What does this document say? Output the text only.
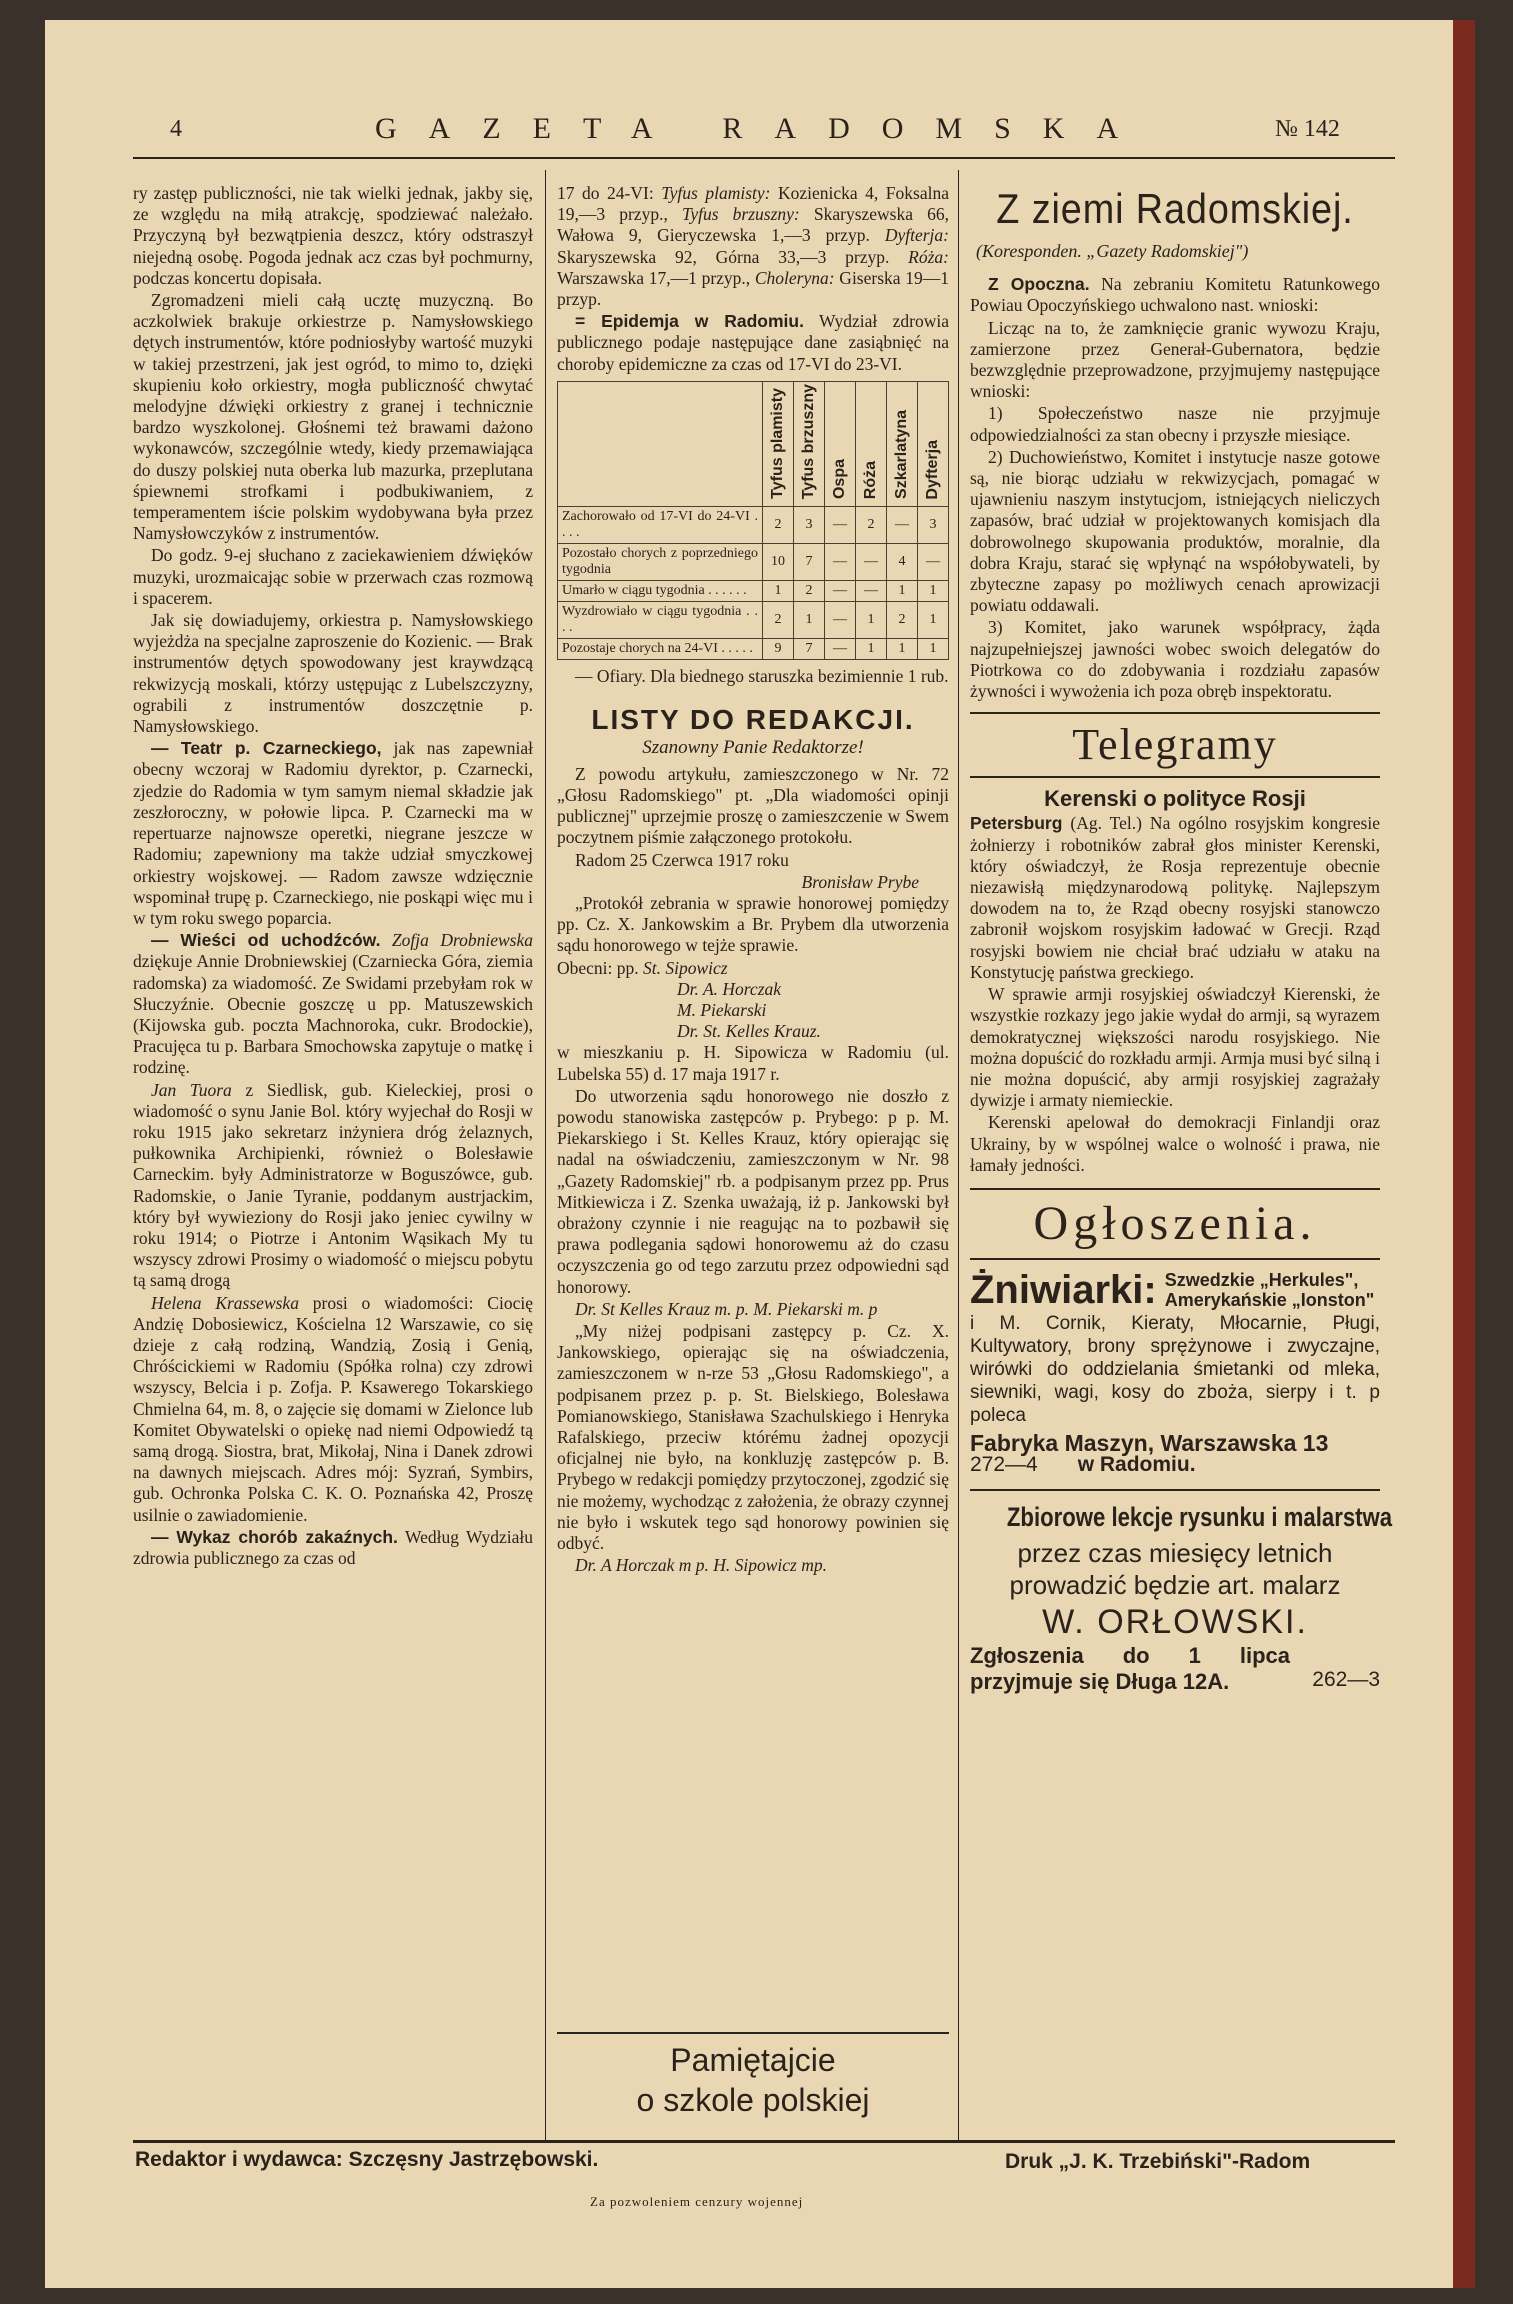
4	GAZETA RADOMSKA	№ 142

ry zastęp publiczności, nie tak wielki jednak, jakby się, ze względu na miłą atrakcję, spodziewać należało. Przyczyną był bezwątpienia deszcz, który odstraszył niejedną osobę. Pogoda jednak acz czas był pochmurny, podczas koncertu dopisała.

Zgromadzeni mieli całą ucztę muzyczną. Bo aczkolwiek brakuje orkiestrze p. Namysłowskiego dętych instrumentów, które podniosłyby wartość muzyki w takiej przestrzeni, jak jest ogród, to mimo to, dzięki skupieniu koło orkiestry, mogła publiczność chwytać melodyjne dźwięki orkiestry z granej i technicznie bardzo wyszkolonej. Głośnemi też brawami dażono wykonawców, szczególnie wtedy, kiedy przemawiająca do duszy polskiej nuta oberka lub mazurka, przeplutana śpiewnemi strofkami i podbukiwaniem, z temperamentem iście polskim wydobywana była przez Namysłowczyków z instrumentów.

Do godz. 9-ej słuchano z zaciekawieniem dźwięków muzyki, urozmaicając sobie w przerwach czas rozmową i spacerem.

Jak się dowiadujemy, orkiestra p. Namysłowskiego wyjeżdża na specjalne zaproszenie do Kozienic. — Brak instrumentów dętych spowodowany jest kraywdzącą rekwizycją moskali, którzy ustępując z Lubelszczyzny, ograbili z instrumentów doszczętnie p. Namysłowskiego.

— Teatr p. Czarneckiego, jak nas zapewniał obecny wczoraj w Radomiu dyrektor, p. Czarnecki, zjedzie do Radomia w tym samym niemal składzie jak zeszłoroczny, w połowie lipca. P. Czarnecki ma w repertuarze najnowsze operetki, niegrane jeszcze w Radomiu; zapewniony ma także udział smyczkowej orkiestry wojskowej. — Radom zawsze wdzięcznie wspominał trupę p. Czarneckiego, nie poskąpi więc mu i w tym roku swego poparcia.

— Wieści od uchodźców. Zofja Drobniewska dziękuje Annie Drobniewskiej (Czarniecka Góra, ziemia radomska) za wiadomość. Ze Swidami przebyłam rok w Słuczyźnie. Obecnie goszczę u pp. Matuszewskich (Kijowska gub. poczta Machnoroka, cukr. Brodockie), Pracujęca tu p. Barbara Smochowska zapytuje o matkę i rodzinę.

Jan Tuora z Siedlisk, gub. Kieleckiej, prosi o wiadomość o synu Janie Bol. który wyjechał do Rosji w roku 1915 jako sekretarz inżyniera dróg żelaznych, pułkownika Archipienki, również o Bolesławie Carneckim. były Administratorze w Boguszówce, gub. Radomskie, o Janie Tyranie, poddanym austrjackim, który był wywieziony do Rosji jako jeniec cywilny w roku 1914; o Piotrze i Antonim Wąsikach My tu wszyscy zdrowi Prosimy o wiadomość o miejscu pobytu tą samą drogą

Helena Krassewska prosi o wiadomości: Ciocię Andzię Dobosiewicz, Kościelna 12 Warszawie, co się dzieje z całą rodziną, Wandzią, Zosią i Genią, Chróścickiemi w Radomiu (Spółka rolna) czy zdrowi wszyscy, Belcia i p. Zofja. P. Ksawerego Tokarskiego Chmielna 64, m. 8, o zajęcie się domami w Zielonce lub Komitet Obywatelski o opiekę nad niemi Odpowiedź tą samą drogą. Siostra, brat, Mikołaj, Nina i Danek zdrowi na dawnych miejscach. Adres mój: Syzrań, Symbirs, gub. Ochronka Polska C. K. O. Poznańska 42, Proszę usilnie o zawiadomienie.

— Wykaz chorób zakaźnych. Według Wydziału zdrowia publicznego za czas od

17 do 24-VI: Tyfus plamisty: Kozienicka 4, Foksalna 19,—3 przyp., Tyfus brzuszny: Skaryszewska 66, Wałowa 9, Gieryczewska 1,—3 przyp. Dyfterja: Skaryszewska 92, Górna 33,—3 przyp. Róża: Warszawska 17,—1 przyp., Choleryna: Giserska 19—1 przyp.

= Epidemja w Radomiu. Wydział zdrowia publicznego podaje następujące dane zasiąbnięć na choroby epidemiczne za czas od 17-VI do 23-VI.

	Tyfus plamisty	Tyfus brzuszny	Ospa	Róża	Szkarlatyna	Dyfterja
Zachorowało od 17-VI do 24-VI . . . .	2	3	—	2	—	3
Pozostało chorych z poprzedniego tygodnia	10	7	—	—	4	—
Umarło w ciągu tygodnia . . . . . .	1	2	—	—	1	1
Wyzdrowiało w ciągu tygodnia . . . .	2	1	—	1	2	1
Pozostaje chorych na 24-VI . . . . .	9	7	—	1	1	1

— Ofiary. Dla biednego staruszka bezimiennie 1 rub.

LISTY DO REDAKCJI.
Szanowny Panie Redaktorze!

Z powodu artykułu, zamieszczonego w Nr. 72 „Głosu Radomskiego" pt. „Dla wiadomości opinji publicznej" uprzejmie proszę o zamieszczenie w Swem poczytnem piśmie załączonego protokołu.

Radom 25 Czerwca 1917 roku

Bronisław Prybe

„Protokół zebrania w sprawie honorowej pomiędzy pp. Cz. X. Jankowskim a Br. Prybem dla utworzenia sądu honorowego w tejże sprawie.

Obecni: pp. St. Sipowicz
Dr. A. Horczak
M. Piekarski
Dr. St. Kelles Krauz.

w mieszkaniu p. H. Sipowicza w Radomiu (ul. Lubelska 55) d. 17 maja 1917 r.

Do utworzenia sądu honorowego nie doszło z powodu stanowiska zastępców p. Prybego: p p. M. Piekarskiego i St. Kelles Krauz, który opierając się nadal na oświadczeniu, zamieszczonym w Nr. 98 „Gazety Radomskiej" rb. a podpisanym przez pp. Prus Mitkiewicza i Z. Szenka uważają, iż p. Jankowski był obrażony czynnie i nie reagując na to pozbawił się prawa podlegania sądowi honorowemu aż do czasu oczyszczenia go od tego zarzutu przez odpowiedni sąd honorowy.

Dr. St Kelles Krauz m. p. M. Piekarski m. p

„My niżej podpisani zastępcy p. Cz. X. Jankowskiego, opierając się na oświadczenia, zamieszczonem w n-rze 53 „Głosu Radomskiego", a podpisanem przez p. p. St. Bielskiego, Bolesława Pomianowskiego, Stanisława Szachulskiego i Henryka Rafalskiego, przeciw którému żadnej opozycji oficjalnej nie było, na konkluzję zastępców p. B. Prybego w redakcji pomiędzy przytoczonej, zgodzić się nie możemy, wychodząc z założenia, że obrazy czynnej nie było i wskutek tego sąd honorowy powinien się odbyć.

Dr. A Horczak m p. H. Sipowicz mp.

Pamiętajcie
o szkole polskiej
Z ziemi Radomskiej.
(Koresponden. „Gazety Radomskiej")

Z Opoczna. Na zebraniu Komitetu Ratunkowego Powiau Opoczyńskiego uchwalono nast. wnioski:

Licząc na to, że zamknięcie granic wywozu Kraju, zamierzone przez Generał-Gubernatora, będzie bezwzględnie przeprowadzone, przyjmujemy następujące wnioski:

1) Społeczeństwo nasze nie przyjmuje odpowiedzialności za stan obecny i przyszłe miesiące.

2) Duchowieństwo, Komitet i instytucje nasze gotowe są, nie biorąc udziału w rekwizycjach, pomagać w ujawnieniu naszym instytucjom, istniejących nieliczych zapasów, brać udział w projektowanych komisjach dla dobrowolnego skupowania produktów, moralnie, dla dobra Kraju, starać się wpłynąć na współobywateli, by zbyteczne zapasy po możliwych cenach aprowizacji powiatu oddawali.

3) Komitet, jako warunek współpracy, żąda najzupełniejszej jawności wobec swoich delegatów do Piotrkowa co do zdobywania i rozdziału zapasów żywności i wywożenia ich poza obręb inspektoratu.

Telegramy
Kerenski o polityce Rosji

Petersburg (Ag. Tel.) Na ogólno rosyjskim kongresie żołnierzy i robotników zabrał głos minister Kerenski, który oświadczył, że Rosja reprezentuje obecnie niezawisłą międzynarodową politykę. Najlepszym dowodem na to, że Rząd obecny rosyjski stanowczo zabronił wojskom rosyjskim ładować w Grecji. Rząd rosyjski bowiem nie chciał brać udziału w ataku na Konstytucję państwa greckiego.

W sprawie armji rosyjskiej oświadczył Kierenski, że wszystkie rozkazy jego jakie wydał do armji, są wyrazem demokratycznej większości narodu rosyjskiego. Nie można dopuścić do rozkładu armji. Armja musi być silną i nie można dopuścić, aby armji rosyjskiej zagrażały dywizje i armaty niemieckie.

Kerenski apelował do demokracji Finlandji oraz Ukrainy, by w wspólnej walce o wolność i prawa, nie łamały jedności.

Ogłoszenia.
Żniwiarki: Szwedzkie „Herkules",
Amerykańskie „Ionston"

i M. Cornik, Kieraty, Młocarnie, Pługi, Kultywatory, brony sprężynowe i zwyczajne, wirówki do oddzielania śmietanki od mleka, siewniki, wagi, kosy do zboża, sierpy i t. p poleca

Fabryka Maszyn, Warszawska 13
272—4 w Radomiu.
Zbiorowe lekcje rysunku i malarstwa
przez czas miesięcy letnich prowadzić będzie art. malarz
W. ORŁOWSKI.
Zgłoszenia do 1 lipca przyjmuje się Długa 12A.	262—3
Redaktor i wydawca: Szczęsny Jastrzębowski.	Druk „J. K. Trzebiński"-Radom
Za pozwoleniem cenzury wojennej
